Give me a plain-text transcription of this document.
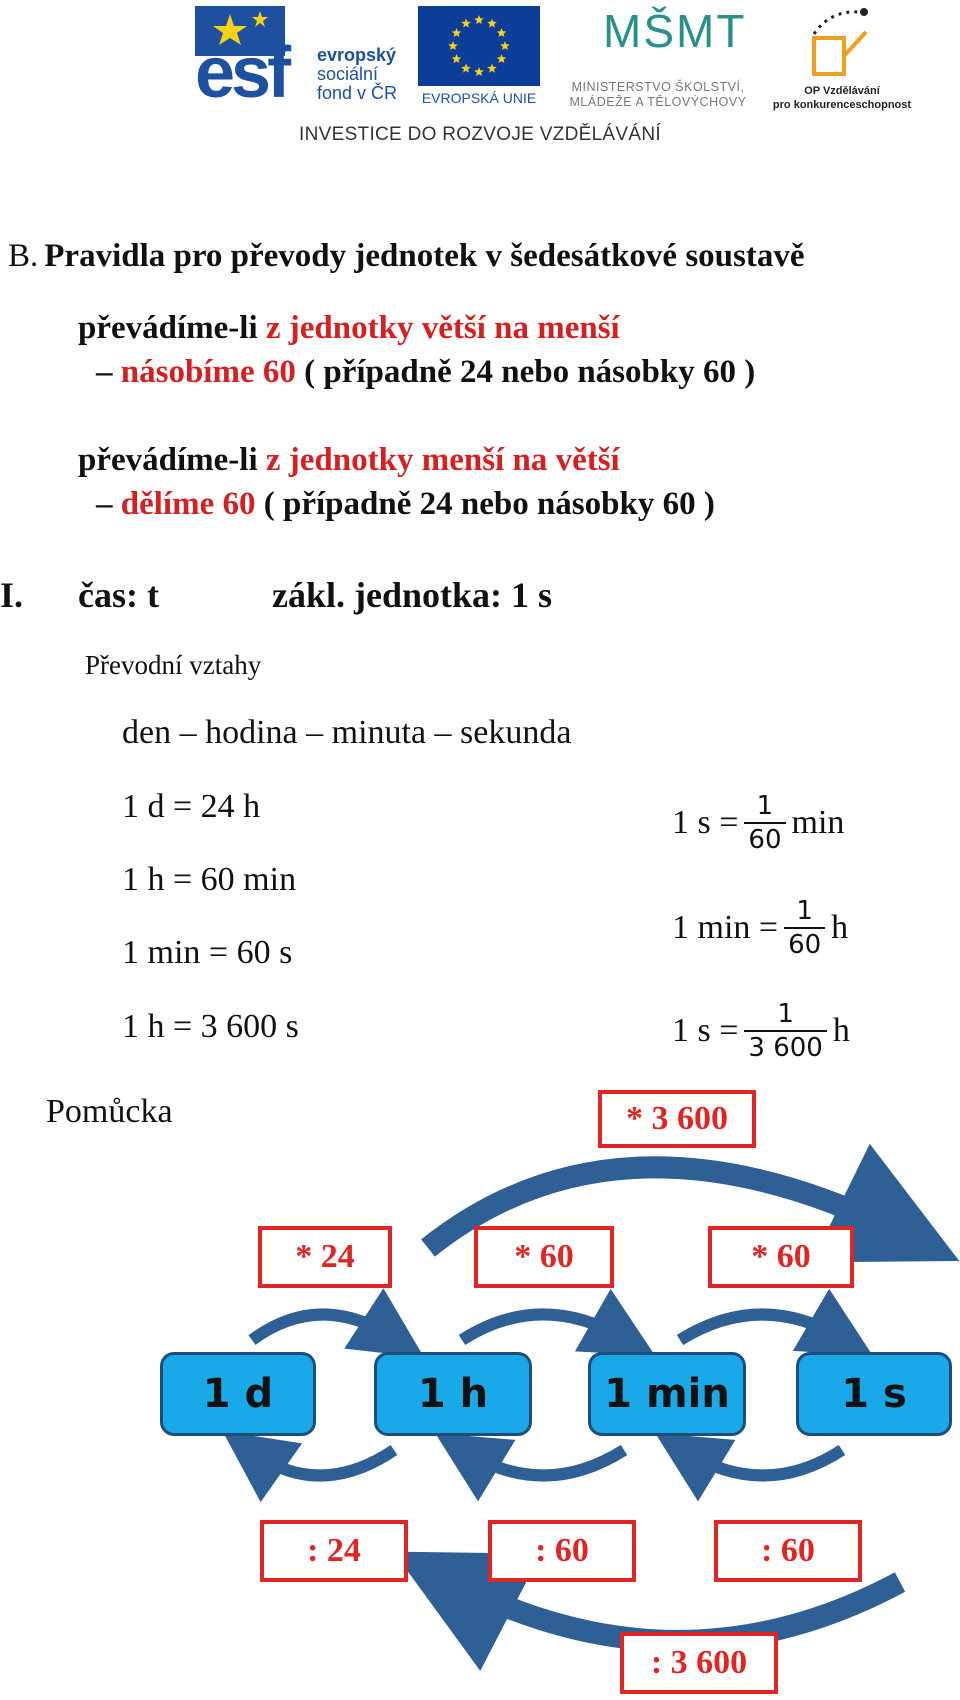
esf evropský
sociální
fond v ČR EVROPSKÁ UNIE
MŠMT
MINISTERSTVO ŠKOLSTVÍ,
MLÁDEŽE A TĚLOVÝCHOVY
OP Vzdělávání
pro konkurenceschopnost
INVESTICE DO ROZVOJE VZDĚLÁVÁNÍ
B. Pravidla pro převody jednotek v šedesátkové soustavě
převádíme-li z jednotky větší na menší
– násobíme 60 ( případně 24 nebo násobky 60 )
převádíme-li z jednotky menší na větší
– dělíme 60 ( případně 24 nebo násobky 60 )
I. čas: t	zákl. jednotka: 1 s
Převodní vztahy
den – hodina – minuta – sekunda
1 d = 24 h
1 h = 60 min
1 min = 60 s
1 h = 3 600 s
1 $s = \frac{1}{60}$ min
1 $\min = \frac{1}{60}$ h
1 $s = \frac{1}{3 600}$ h
Pomůcka	* 3 600
* 24	* 60	* 60
1 d	1 h	1 min	1 s
: 24	: 60	: 60
: 3 600
